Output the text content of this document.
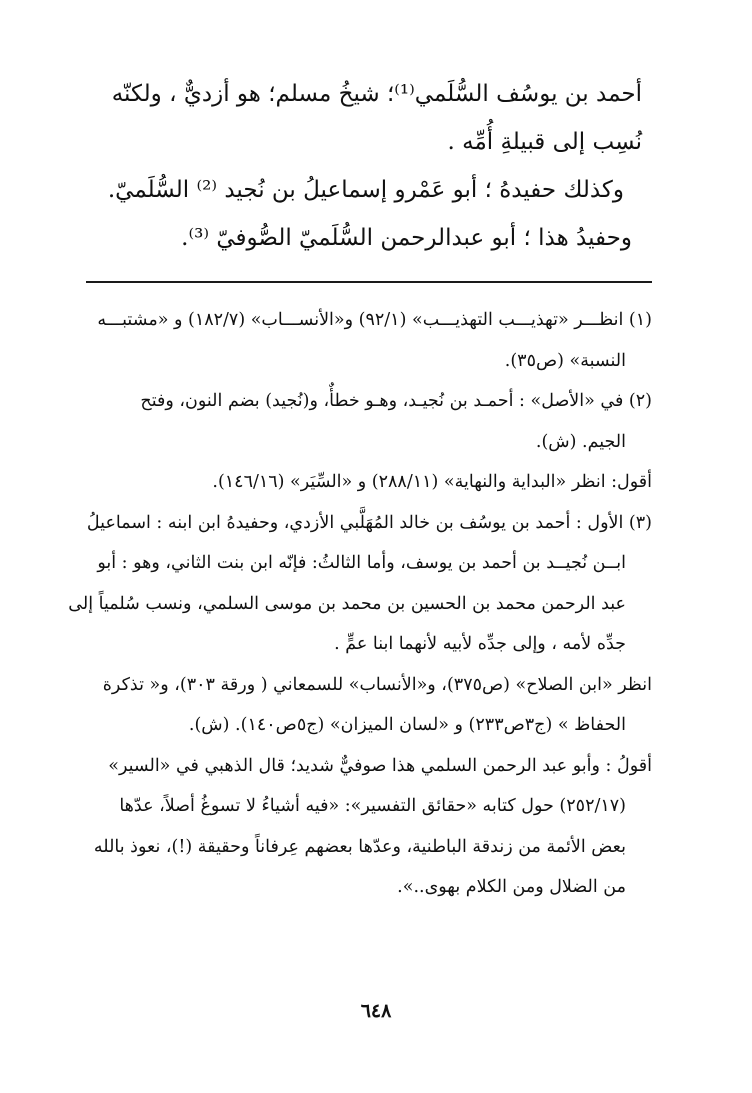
أحمد بن يوسُف السُّلَمي⁽¹⁾؛ شيخُ مسلم؛ هو أزديٌّ ، ولكنّه

نُسِب إلى قبيلةِ أُمِّه .

وكذلك حفيدهُ ؛ أبو عَمْرو إسماعيلُ بن نُجيد ⁽²⁾ السُّلَميّ.

وحفيدُ هذا ؛ أبو عبدالرحمن السُّلَميّ الصُّوفيّ ⁽³⁾.

(١) انظـــر «تهذيـــب التهذيـــب» (٩٢/١) و«الأنســـاب» (١٨٢/٧) و «مشتبـــه

النسبة» (ص٣٥).

(٢) في «الأصل» : أحمـد بن نُجيـد، وهـو خطأٌ، و(نُجيد) بضم النون، وفتح

الجيم. (ش).

أقول: انظر «البداية والنهاية» (٢٨٨/١١) و «السِّيَر» (١٤٦/١٦).

(٣) الأول : أحمد بن يوسُف بن خالد المُهَلَّبي الأزدي، وحفيدهُ ابن ابنه : اسماعيلُ

ابــن نُجيــد بن أحمد بن يوسف، وأما الثالثُ: فإنّه ابن بنت الثاني، وهو : أبو

عبد الرحمن محمد بن الحسين بن محمد بن موسى السلمي، ونسب سُلمياً إلى

جدِّه لأمه ، وإلى جدِّه لأبيه لأنهما ابنا عمٍّ .

انظر «ابن الصلاح» (ص٣٧٥)، و«الأنساب» للسمعاني ( ورقة ٣٠٣)، و« تذكرة

الحفاظ » (ج٣ص٢٣٣) و «لسان الميزان» (ج٥ص١٤٠). (ش).

أقولُ : وأبو عبد الرحمن السلمي هذا صوفيٌّ شديد؛ قال الذهبي في «السير»

(٢٥٢/١٧) حول كتابه «حقائق التفسير»: «فيه أشياءُ لا تسوغُ أصلاً، عدّها

بعض الأئمة من زندقة الباطنية، وعدّها بعضهم عِرفاناً وحقيقة (!)، نعوذ بالله

من الضلال ومن الكلام بهوى..».

٦٤٨
